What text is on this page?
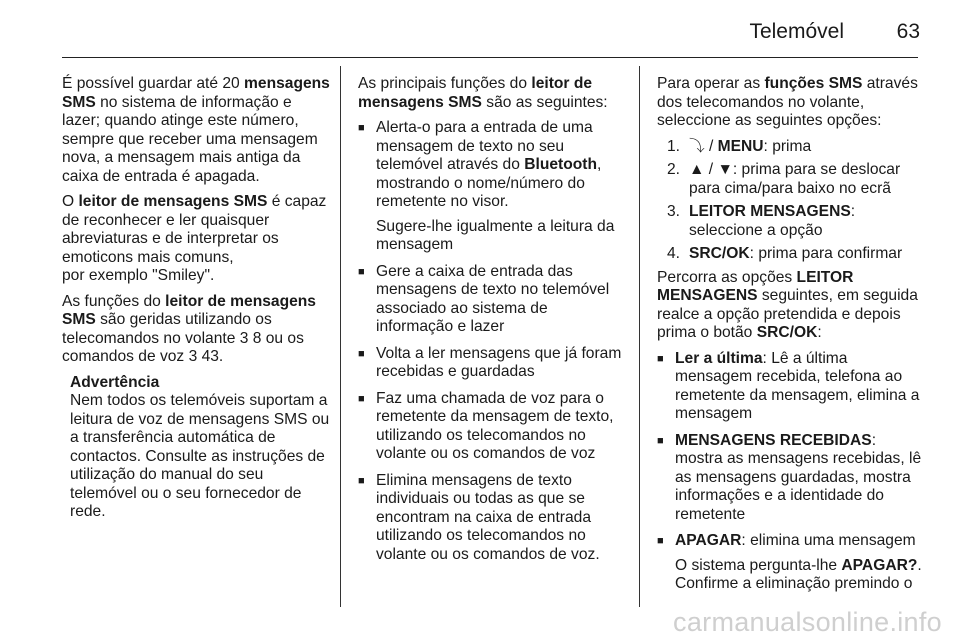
Telemóvel	63

É possível guardar até 20 mensagens SMS no sistema de informação e lazer; quando atinge este número, sempre que receber uma mensagem nova, a mensagem mais antiga da caixa de entrada é apagada.

O leitor de mensagens SMS é capaz de reconhecer e ler quaisquer abreviaturas e de interpretar os emoticons mais comuns,
por exemplo "Smiley".

As funções do leitor de mensagens SMS são geridas utilizando os telecomandos no volante 3 8 ou os comandos de voz 3 43.

Advertência
Nem todos os telemóveis suportam a leitura de voz de mensagens SMS ou a transferência automática de contactos. Consulte as instruções de utilização do manual do seu telemóvel ou o seu fornecedor de rede.

As principais funções do leitor de mensagens SMS são as seguintes:

■ Alerta-o para a entrada de uma mensagem de texto no seu telemóvel através do Bluetooth, mostrando o nome/número do remetente no visor.
Sugere-lhe igualmente a leitura da mensagem
■ Gere a caixa de entrada das mensagens de texto no telemóvel associado ao sistema de informação e lazer
■ Volta a ler mensagens que já foram recebidas e guardadas
■ Faz uma chamada de voz para o remetente da mensagem de texto, utilizando os telecomandos no volante ou os comandos de voz
■ Elimina mensagens de texto individuais ou todas as que se encontram na caixa de entrada utilizando os telecomandos no volante ou os comandos de voz.

Para operar as funções SMS através dos telecomandos no volante, seleccione as seguintes opções:

1. ⤵ / MENU: prima
2. ▲ / ▼: prima para se deslocar para cima/para baixo no ecrã
3. LEITOR MENSAGENS:
seleccione a opção
4. SRC/OK: prima para confirmar

Percorra as opções LEITOR MENSAGENS seguintes, em seguida realce a opção pretendida e depois prima o botão SRC/OK:

■ Ler a última: Lê a última mensagem recebida, telefona ao remetente da mensagem, elimina a mensagem
■ MENSAGENS RECEBIDAS:
mostra as mensagens recebidas, lê as mensagens guardadas, mostra informações e a identidade do remetente
■ APAGAR: elimina uma mensagem
O sistema pergunta-lhe APAGAR?. Confirme a eliminação premindo o
carmanualsonline.info
